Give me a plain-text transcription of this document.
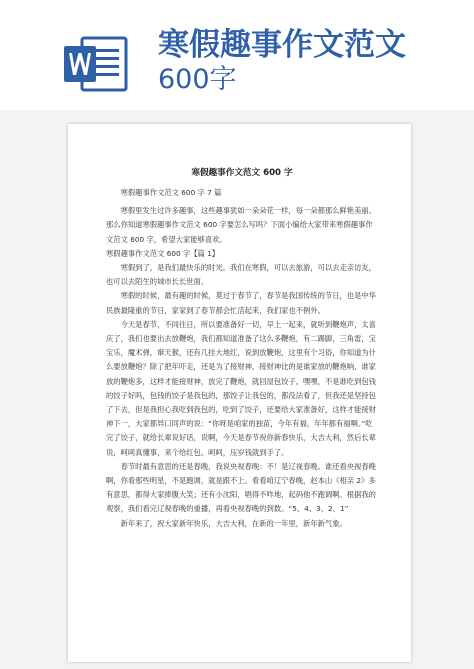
寒假趣事作文范文
600字
寒假趣事作文范文 600 字

寒假趣事作文范文 600 字 7 篇

寒假里发生过许多趣事，这些趣事犹如一朵朵花一样，每一朵都那么鲜艳美丽。那么你知道寒假趣事作文范文 600 字要怎么写吗？下面小编给大家带来寒假趣事作文范文 600 字，希望大家能够喜欢。

寒假趣事作文范文 600 字【篇 1】

寒假到了，是我们最快乐的时光。我们在寒假，可以去旅游，可以去走亲访友，也可以去陌生的城市长长世面。

寒假的时候，最有趣的时候，莫过于春节了，春节是我国传统的节日，也是中华民族最隆重的节日，家家到了春节都会忙活起来，我们家也不例外。

今天是春节，不同往日，所以要准备好一切，早上一起来，就听到鞭炮声，太喜庆了，我们也要出去放鞭炮，我们都知道准备了这么多鞭炮，有二踢脚，三角雷，宝宝乐，魔术弹，窜天猴，还有几挂大地红，说到放鞭炮，这里有个习俗，你知道为什么要放鞭炮？除了把年吓走，还是为了接财神，接财神比的是谁家放的鞭炮响，谁家放的鞭炮多，这样才能接财神，放完了鞭炮，就回屋包饺子。嘿嘿，不是谁吃到包钱的饺子好吗，包钱的饺子是我包的，那饺子让我包的，都没法看了，但我还是坚持包了下去，但是我担心我吃到我包的，吃到了饺子，还要给大家准备好，这样才能接财神下一，大家都异口同声的说：“你呀是咱家的独苗，今年有福，年年都有福啊。”吃完了饺子，就给长辈说好话，说啊，今天是春节祝你新春快乐，大吉大利，然后长辈说，呵呵真懂事，来个给红包。呵呵，压岁钱就到手了。

春节时最有意思的还是春晚，我说央视春晚：不！是辽视春晚。谁还看央视春晚啊，你看那些明星，不是跑调，就是跟不上。看看咱辽宁春晚，赵本山《相亲 2》多有意思，都得大家捧腹大笑；还有小沈阳，唱得不咋地，起码他不跑调啊。根据我的观察，我们看完辽视春晚的重播，再看央视春晚的到数。“5、4、3、2、1”

新年来了，祝大家新年快乐，大吉大利，在新的一年里，新年新气象。
